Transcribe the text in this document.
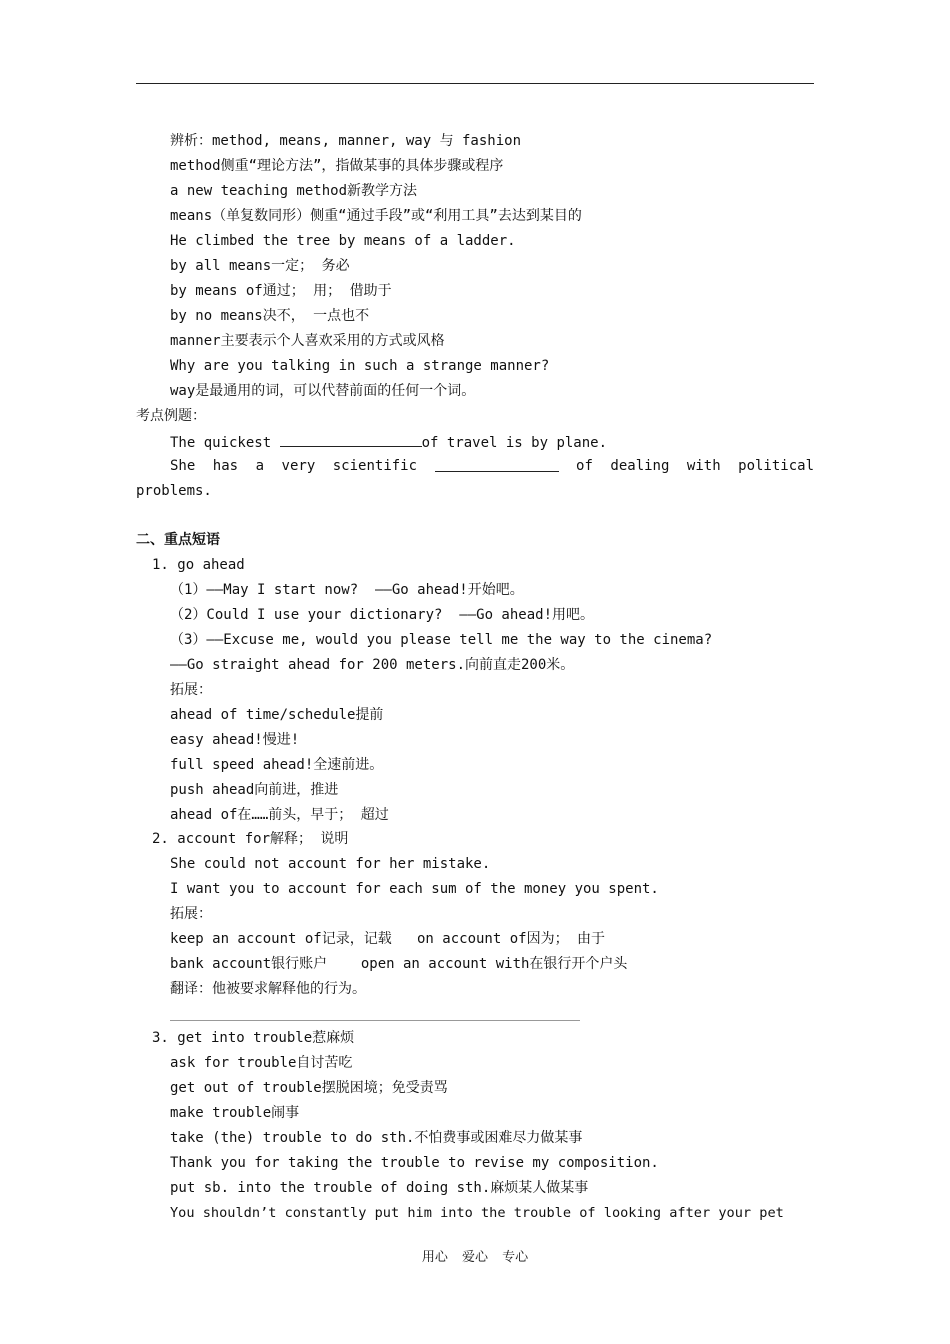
辨析：method, means, manner, way 与 fashion
method侧重“理论方法”，指做某事的具体步骤或程序
a new teaching method新教学方法
means（单复数同形）侧重“通过手段”或“利用工具”去达到某目的
He climbed the tree by means of a ladder.
by all means一定； 务必
by means of通过； 用； 借助于
by no means决不， 一点也不
manner主要表示个人喜欢采用的方式或风格
Why are you talking in such a strange manner?
way是最通用的词，可以代替前面的任何一个词。
考点例题：
The quickest	of travel is by plane.
She has a very scientific	of dealing with political
problems.
二、重点短语
1. go ahead
（1）——May I start now?  ——Go ahead!开始吧。
（2）Could I use your dictionary?  ——Go ahead!用吧。
（3）——Excuse me, would you please tell me the way to the cinema?
——Go straight ahead for 200 meters.向前直走200米。
拓展：
ahead of time/schedule提前
easy ahead!慢进!
full speed ahead!全速前进。
push ahead向前进，推进
ahead of在……前头，早于； 超过
2. account for解释； 说明
She could not account for her mistake.
I want you to account for each sum of the money you spent.
拓展：
keep an account of记录，记载   on account of因为； 由于
bank account银行账户    open an account with在银行开个户头
翻译：他被要求解释他的行为。
3. get into trouble惹麻烦
ask for trouble自讨苦吃
get out of trouble摆脱困境；免受责骂
make trouble闹事
take (the) trouble to do sth.不怕费事或困难尽力做某事
Thank you for taking the trouble to revise my composition.
put sb. into the trouble of doing sth.麻烦某人做某事
You shouldn’t constantly put him into the trouble of looking after your pet
用心 爱心 专心
